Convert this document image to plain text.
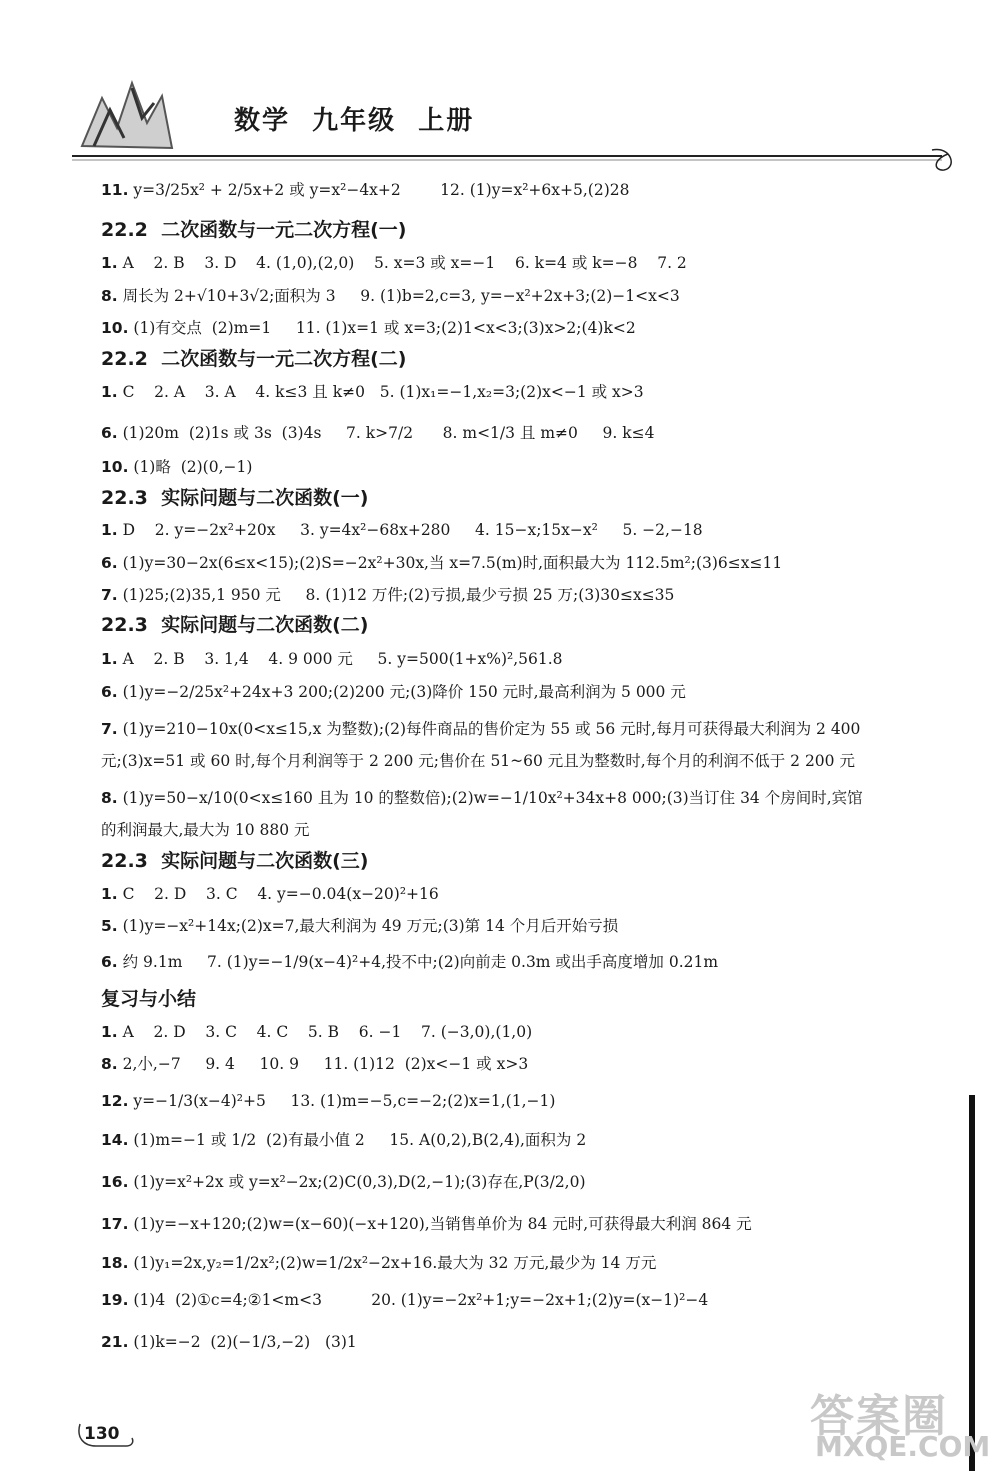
数学  九年级  上册
11. y=3/25x² + 2/5x+2 或 y=x²−4x+2        12. (1)y=x²+6x+5,(2)28
22.2  二次函数与一元二次方程(一)
1. A    2. B    3. D    4. (1,0),(2,0)    5. x=3 或 x=−1    6. k=4 或 k=−8    7. 2
8. 周长为 2+√10+3√2;面积为 3     9. (1)b=2,c=3, y=−x²+2x+3;(2)−1<x<3
10. (1)有交点  (2)m=1     11. (1)x=1 或 x=3;(2)1<x<3;(3)x>2;(4)k<2
22.2  二次函数与一元二次方程(二)
1. C    2. A    3. A    4. k≤3 且 k≠0   5. (1)x₁=−1,x₂=3;(2)x<−1 或 x>3
6. (1)20m  (2)1s 或 3s  (3)4s     7. k>7/2      8. m<1/3 且 m≠0     9. k≤4
10. (1)略  (2)(0,−1)
22.3  实际问题与二次函数(一)
1. D    2. y=−2x²+20x     3. y=4x²−68x+280     4. 15−x;15x−x²     5. −2,−18
6. (1)y=30−2x(6≤x<15);(2)S=−2x²+30x,当 x=7.5(m)时,面积最大为 112.5m²;(3)6≤x≤11
7. (1)25;(2)35,1 950 元     8. (1)12 万件;(2)亏损,最少亏损 25 万;(3)30≤x≤35
22.3  实际问题与二次函数(二)
1. A    2. B    3. 1,4    4. 9 000 元     5. y=500(1+x%)²,561.8
6. (1)y=−2/25x²+24x+3 200;(2)200 元;(3)降价 150 元时,最高利润为 5 000 元
7. (1)y=210−10x(0<x≤15,x 为整数);(2)每件商品的售价定为 55 或 56 元时,每月可获得最大利润为 2 400
元;(3)x=51 或 60 时,每个月利润等于 2 200 元;售价在 51~60 元且为整数时,每个月的利润不低于 2 200 元
8. (1)y=50−x/10(0<x≤160 且为 10 的整数倍);(2)w=−1/10x²+34x+8 000;(3)当订住 34 个房间时,宾馆
的利润最大,最大为 10 880 元
22.3  实际问题与二次函数(三)
1. C    2. D    3. C    4. y=−0.04(x−20)²+16
5. (1)y=−x²+14x;(2)x=7,最大利润为 49 万元;(3)第 14 个月后开始亏损
6. 约 9.1m     7. (1)y=−1/9(x−4)²+4,投不中;(2)向前走 0.3m 或出手高度增加 0.21m
复习与小结
1. A    2. D    3. C    4. C    5. B    6. −1    7. (−3,0),(1,0)
8. 2,小,−7     9. 4     10. 9     11. (1)12  (2)x<−1 或 x>3
12. y=−1/3(x−4)²+5     13. (1)m=−5,c=−2;(2)x=1,(1,−1)
14. (1)m=−1 或 1/2  (2)有最小值 2     15. A(0,2),B(2,4),面积为 2
16. (1)y=x²+2x 或 y=x²−2x;(2)C(0,3),D(2,−1);(3)存在,P(3/2,0)
17. (1)y=−x+120;(2)w=(x−60)(−x+120),当销售单价为 84 元时,可获得最大利润 864 元
18. (1)y₁=2x,y₂=1/2x²;(2)w=1/2x²−2x+16.最大为 32 万元,最少为 14 万元
19. (1)4  (2)①c=4;②1<m<3          20. (1)y=−2x²+1;y=−2x+1;(2)y=(x−1)²−4
21. (1)k=−2  (2)(−1/3,−2)   (3)1
130	答案圈
MXQE.COM
